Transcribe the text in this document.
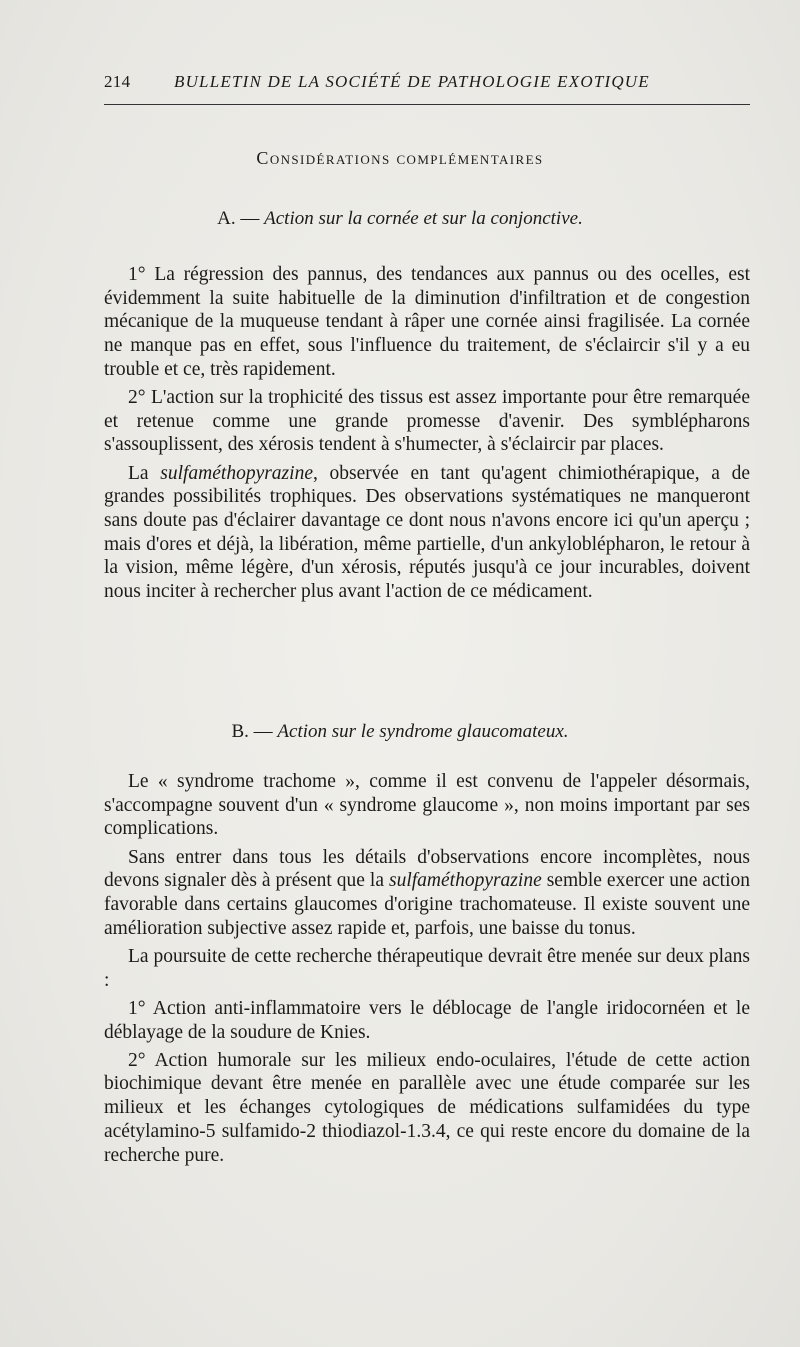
214	BULLETIN DE LA SOCIÉTÉ DE PATHOLOGIE EXOTIQUE
Considérations complémentaires
A. — Action sur la cornée et sur la conjonctive.

1° La régression des pannus, des tendances aux pannus ou des ocelles, est évidemment la suite habituelle de la diminution d'infiltration et de congestion mécanique de la muqueuse tendant à râper une cornée ainsi fragilisée. La cornée ne manque pas en effet, sous l'influence du traitement, de s'éclaircir s'il y a eu trouble et ce, très rapidement.

2° L'action sur la trophicité des tissus est assez importante pour être remarquée et retenue comme une grande promesse d'avenir. Des symblépharons s'assouplissent, des xérosis tendent à s'humecter, à s'éclaircir par places.

La sulfaméthopyrazine, observée en tant qu'agent chimiothérapique, a de grandes possibilités trophiques. Des observations systématiques ne manqueront sans doute pas d'éclairer davantage ce dont nous n'avons encore ici qu'un aperçu ; mais d'ores et déjà, la libération, même partielle, d'un ankyloblépharon, le retour à la vision, même légère, d'un xérosis, réputés jusqu'à ce jour incurables, doivent nous inciter à rechercher plus avant l'action de ce médicament.

B. — Action sur le syndrome glaucomateux.

Le « syndrome trachome », comme il est convenu de l'appeler désormais, s'accompagne souvent d'un « syndrome glaucome », non moins important par ses complications.

Sans entrer dans tous les détails d'observations encore incomplètes, nous devons signaler dès à présent que la sulfaméthopyrazine semble exercer une action favorable dans certains glaucomes d'origine trachomateuse. Il existe souvent une amélioration subjective assez rapide et, parfois, une baisse du tonus.

La poursuite de cette recherche thérapeutique devrait être menée sur deux plans :

1° Action anti-inflammatoire vers le déblocage de l'angle iridocornéen et le déblayage de la soudure de Knies.

2° Action humorale sur les milieux endo-oculaires, l'étude de cette action biochimique devant être menée en parallèle avec une étude comparée sur les milieux et les échanges cytologiques de médications sulfamidées du type acétylamino-5 sulfamido-2 thiodiazol-1.3.4, ce qui reste encore du domaine de la recherche pure.
